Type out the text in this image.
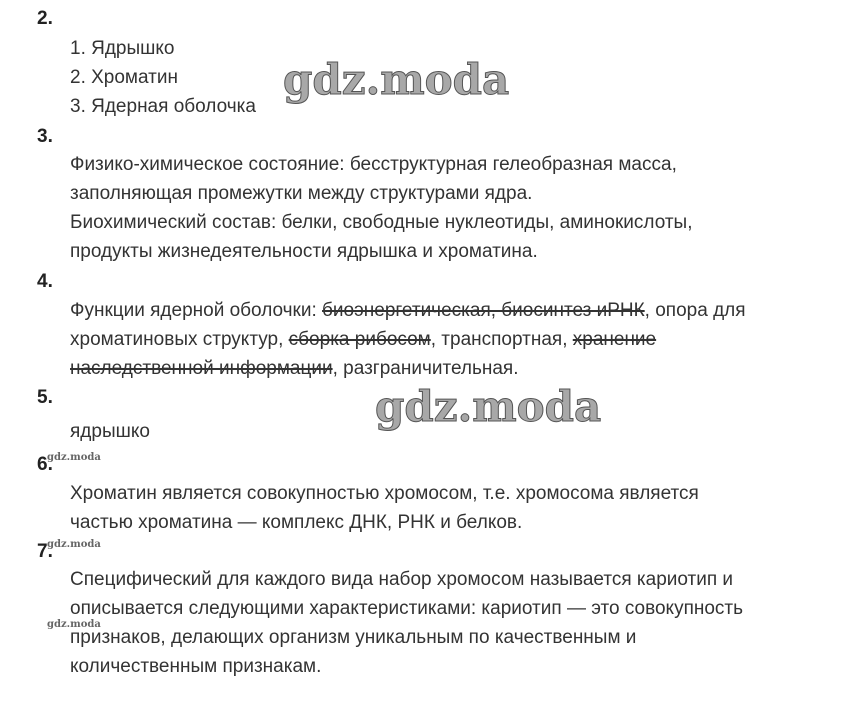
2.
1. Ядрышко
2. Хроматин
3. Ядерная оболочка
3.
Физико-химическое состояние: бесструктурная гелеобразная масса,
заполняющая промежутки между структурами ядра.
Биохимический состав: белки, свободные нуклеотиды, аминокислоты,
продукты жизнедеятельности ядрышка и хроматина.
4.
Функции ядерной оболочки: биоэнергетическая, биосинтез иРНК, опора для
хроматиновых структур, сборка рибосом, транспортная, хранение
наследственной информации, разграничительная.
5.
ядрышко
6.
Хроматин является совокупностью хромосом, т.е. хромосома является
частью хроматина — комплекс ДНК, РНК и белков.
7.
Специфический для каждого вида набор хромосом называется кариотип и
описывается следующими характеристиками: кариотип — это совокупность
признаков, делающих организм уникальным по качественным и
количественным признакам.
gdz.moda
gdz.moda
gdz.moda
gdz.moda
gdz.moda
